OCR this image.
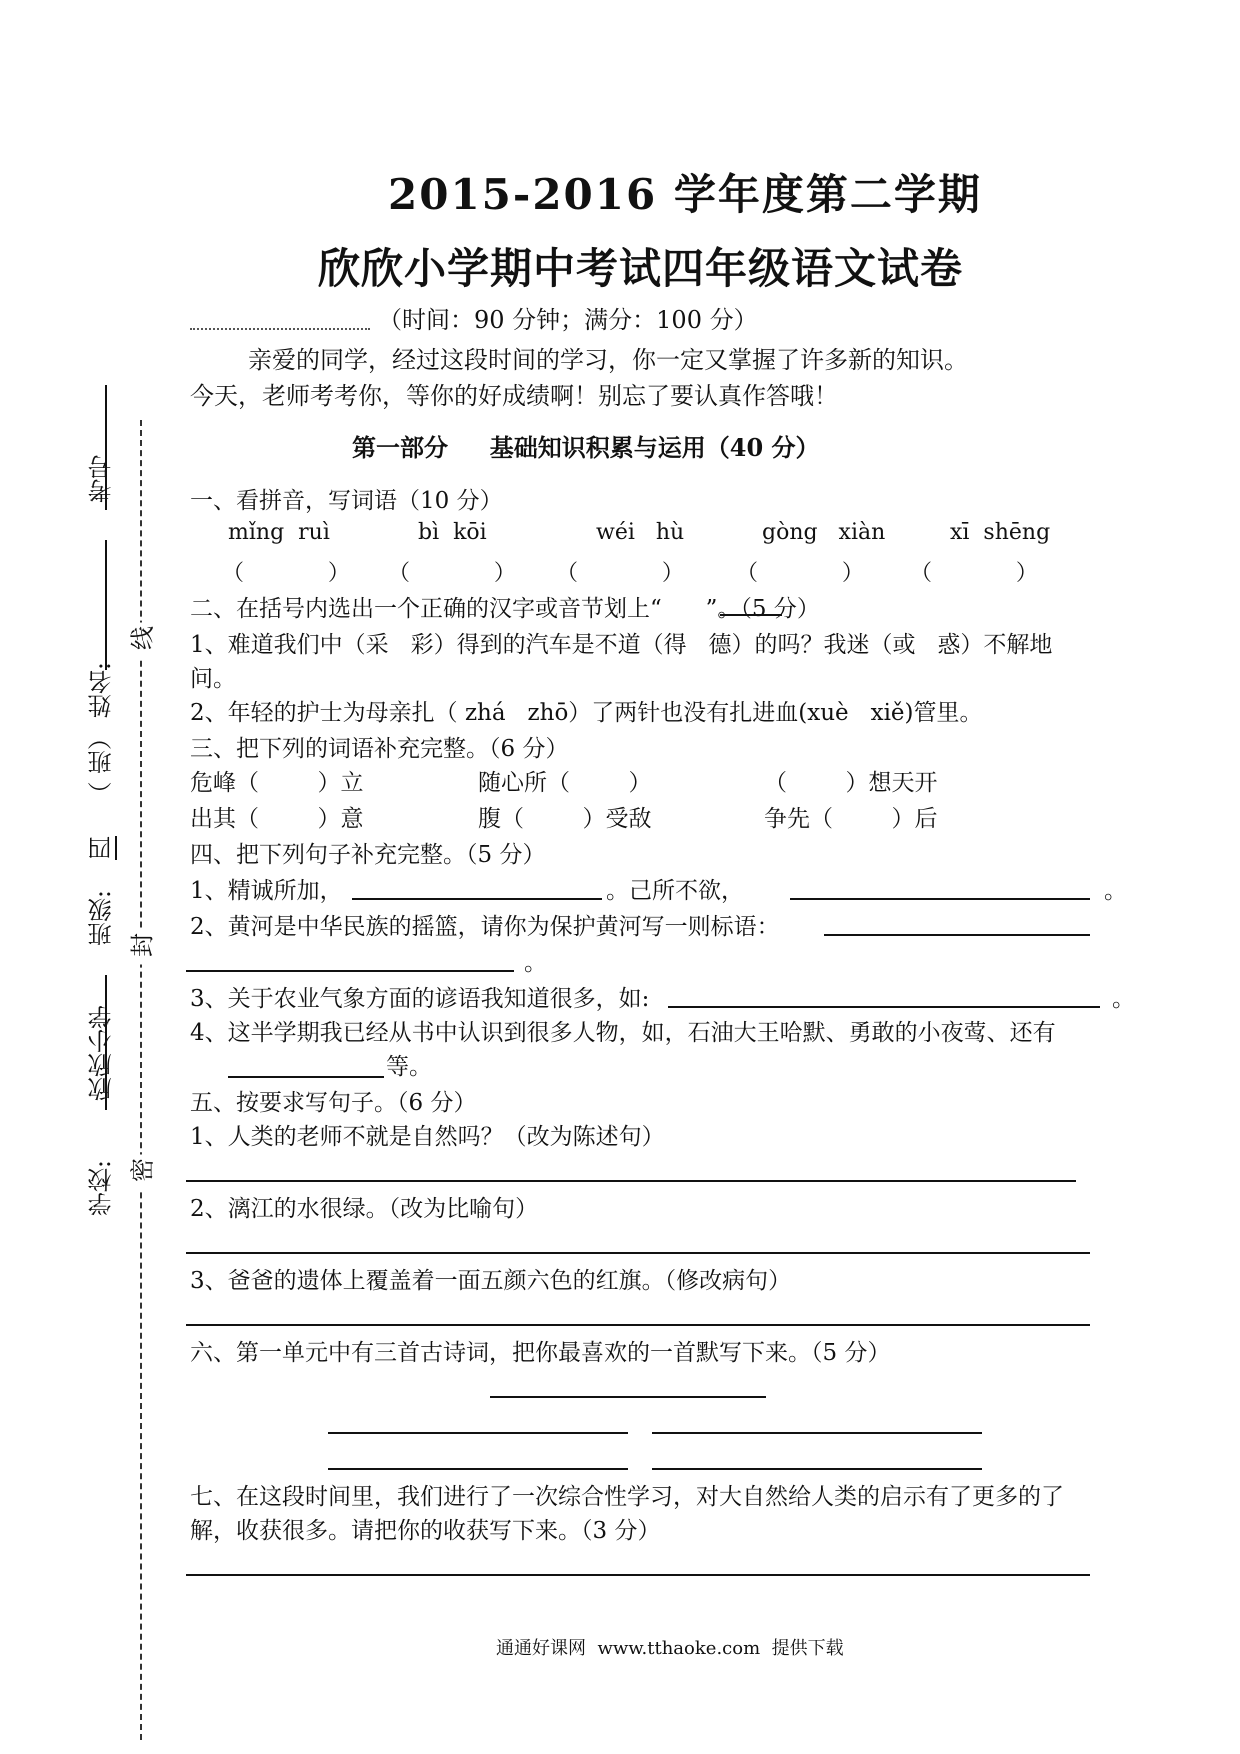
2015-2016 学年度第二学期
欣欣小学期中考试四年级语文试卷
（时间：90 分钟；满分：100 分）
亲爱的同学，经过这段时间的学习，你一定又掌握了许多新的知识。
今天，老师考考你，等你的好成绩啊！别忘了要认真作答哦！
第一部分     基础知识积累与运用（40 分）
考号
姓名:
（ 班）
四
班级:
欣欣小学
学校:
线
封
密
一、看拼音，写词语（10 分）
mǐng  ruì	bì  kōi	wéi   hù	gòng   xiàn	xī  shēng
（            ） （            ） （            ） （            ） （            ）
二、在括号内选出一个正确的汉字或音节划上“      ”。（5 分）
1、难道我们中（采   彩）得到的汽车是不道（得   德）的吗？我迷（或   惑）不解地
问。
2、年轻的护士为母亲扎（ zhá   zhō）了两针也没有扎进血(xuè   xiě)管里。
三、把下列的词语补充完整。（6 分）
危峰（        ）立	随心所（        ）	（        ）想天开
出其（        ）意	腹（        ）受敌	争先（        ）后
四、把下列句子补充完整。（5 分）
1、精诚所加，	。己所不欲，	。
2、黄河是中华民族的摇篮，请你为保护黄河写一则标语：
。
3、关于农业气象方面的谚语我知道很多，如:	。
4、这半学期我已经从书中认识到很多人物，如，石油大王哈默、勇敢的小夜莺、还有
等。
五、按要求写句子。（6 分）
1、人类的老师不就是自然吗？（改为陈述句）
2、漓江的水很绿。（改为比喻句）
3、爸爸的遗体上覆盖着一面五颜六色的红旗。（修改病句）
六、第一单元中有三首古诗词，把你最喜欢的一首默写下来。（5 分）
七、在这段时间里，我们进行了一次综合性学习，对大自然给人类的启示有了更多的了
解，收获很多。请把你的收获写下来。（3 分）
通通好课网  www.tthaoke.com  提供下载
